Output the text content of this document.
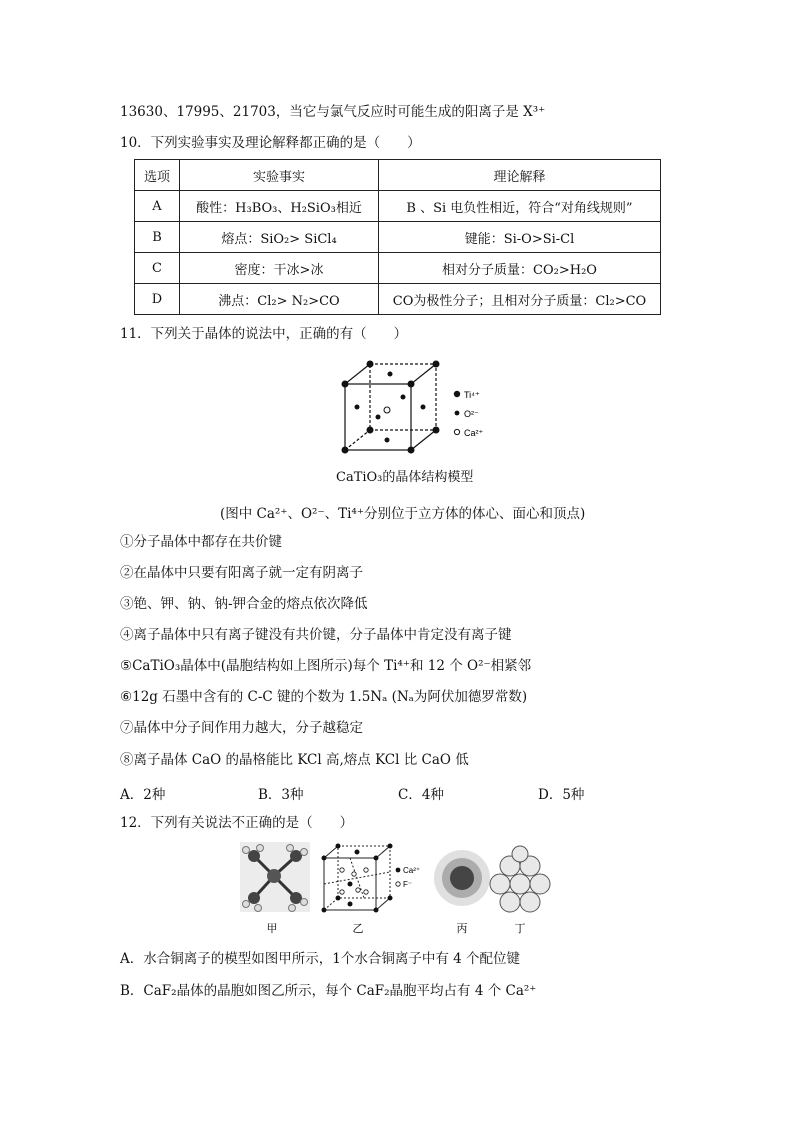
13630、17995、21703，当它与氯气反应时可能生成的阳离子是 X³⁺
10．下列实验事实及理论解释都正确的是（　　）
选项	实验事实	理论解释
A	酸性：H₃BO₃、H₂SiO₃相近	B 、Si 电负性相近，符合“对角线规则”
B	熔点：SiO₂> SiCl₄	键能：Si-O>Si-Cl
C	密度：干冰>冰	相对分子质量：CO₂>H₂O
D	沸点：Cl₂> N₂>CO	CO为极性分子；且相对分子质量：Cl₂>CO
11．下列关于晶体的说法中，正确的有（　　）
Ti⁴⁺
O²⁻
Ca²⁺
CaTiO₃的晶体结构模型
(图中 Ca²⁺、O²⁻、Ti⁴⁺分别位于立方体的体心、面心和顶点)
①分子晶体中都存在共价键
②在晶体中只要有阳离子就一定有阴离子
③铯、钾、钠、钠-钾合金的熔点依次降低
④离子晶体中只有离子键没有共价键，分子晶体中肯定没有离子键
⑤CaTiO₃晶体中(晶胞结构如上图所示)每个 Ti⁴⁺和 12 个 O²⁻相紧邻
⑥12g 石墨中含有的 C-C 键的个数为 1.5Nₐ (Nₐ为阿伏加德罗常数)
⑦晶体中分子间作用力越大，分子越稳定
⑧离子晶体 CaO 的晶格能比 KCl 高,熔点 KCl 比 CaO 低
A．2种	B．3种	C．4种	D．5种
12．下列有关说法不正确的是（　　）
Ca²⁺
F⁻
甲	乙	丙	丁
A．水合铜离子的模型如图甲所示，1个水合铜离子中有 4 个配位键
B．CaF₂晶体的晶胞如图乙所示，每个 CaF₂晶胞平均占有 4 个 Ca²⁺
